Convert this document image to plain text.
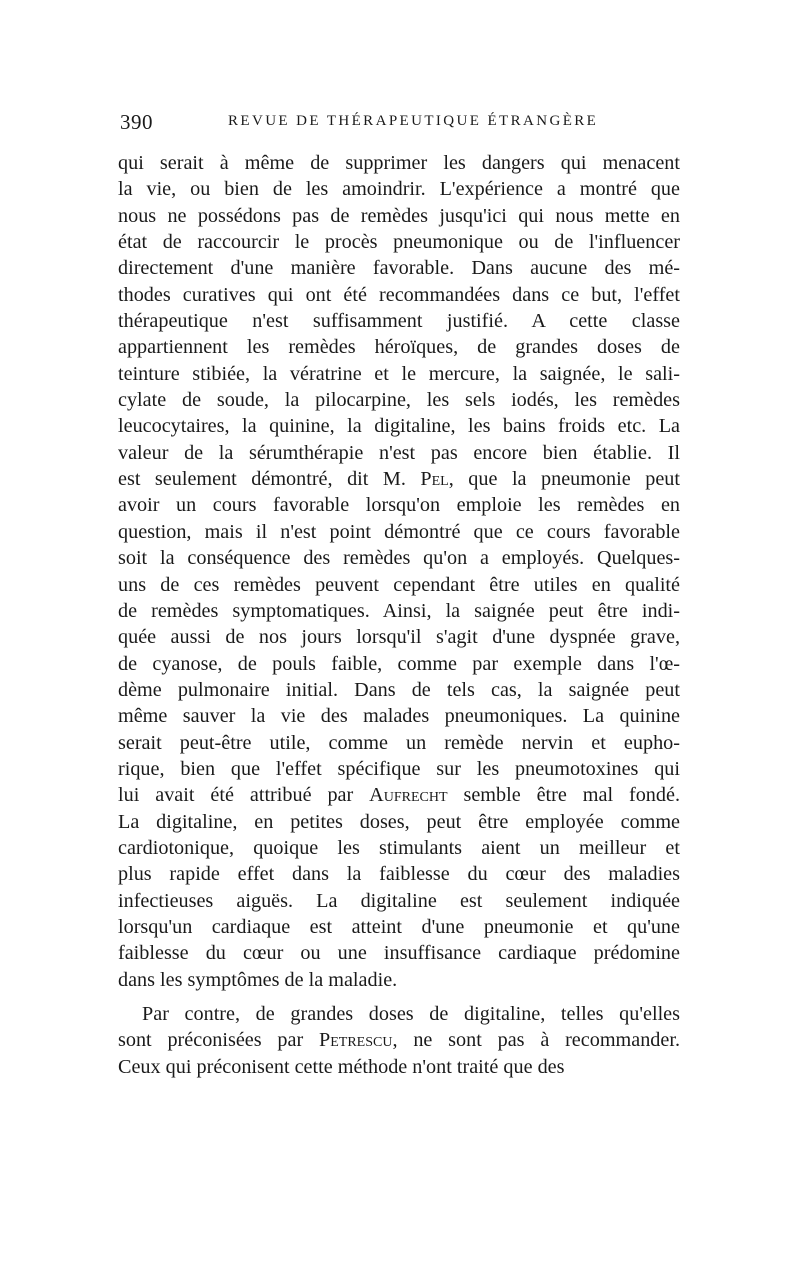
390	REVUE DE THÉRAPEUTIQUE ÉTRANGÈRE

qui serait à même de supprimer les dangers qui menacent
la vie, ou bien de les amoindrir. L'expérience a montré que
nous ne possédons pas de remèdes jusqu'ici qui nous mette en
état de raccourcir le procès pneumonique ou de l'influencer
directement d'une manière favorable. Dans aucune des mé-
thodes curatives qui ont été recommandées dans ce but, l'effet
thérapeutique n'est suffisamment justifié. A cette classe
appartiennent les remèdes héroïques, de grandes doses de
teinture stibiée, la vératrine et le mercure, la saignée, le sali-
cylate de soude, la pilocarpine, les sels iodés, les remèdes
leucocytaires, la quinine, la digitaline, les bains froids etc. La
valeur de la sérumthérapie n'est pas encore bien établie. Il
est seulement démontré, dit M. Pel, que la pneumonie peut
avoir un cours favorable lorsqu'on emploie les remèdes en
question, mais il n'est point démontré que ce cours favorable
soit la conséquence des remèdes qu'on a employés. Quelques-
uns de ces remèdes peuvent cependant être utiles en qualité
de remèdes symptomatiques. Ainsi, la saignée peut être indi-
quée aussi de nos jours lorsqu'il s'agit d'une dyspnée grave,
de cyanose, de pouls faible, comme par exemple dans l'œ-
dème pulmonaire initial. Dans de tels cas, la saignée peut
même sauver la vie des malades pneumoniques. La quinine
serait peut-être utile, comme un remède nervin et eupho-
rique, bien que l'effet spécifique sur les pneumotoxines qui
lui avait été attribué par Aufrecht semble être mal fondé.
La digitaline, en petites doses, peut être employée comme
cardiotonique, quoique les stimulants aient un meilleur et
plus rapide effet dans la faiblesse du cœur des maladies
infectieuses aiguës. La digitaline est seulement indiquée
lorsqu'un cardiaque est atteint d'une pneumonie et qu'une
faiblesse du cœur ou une insuffisance cardiaque prédomine
dans les symptômes de la maladie.

Par contre, de grandes doses de digitaline, telles qu'elles
sont préconisées par Petrescu, ne sont pas à recommander.
Ceux qui préconisent cette méthode n'ont traité que des
